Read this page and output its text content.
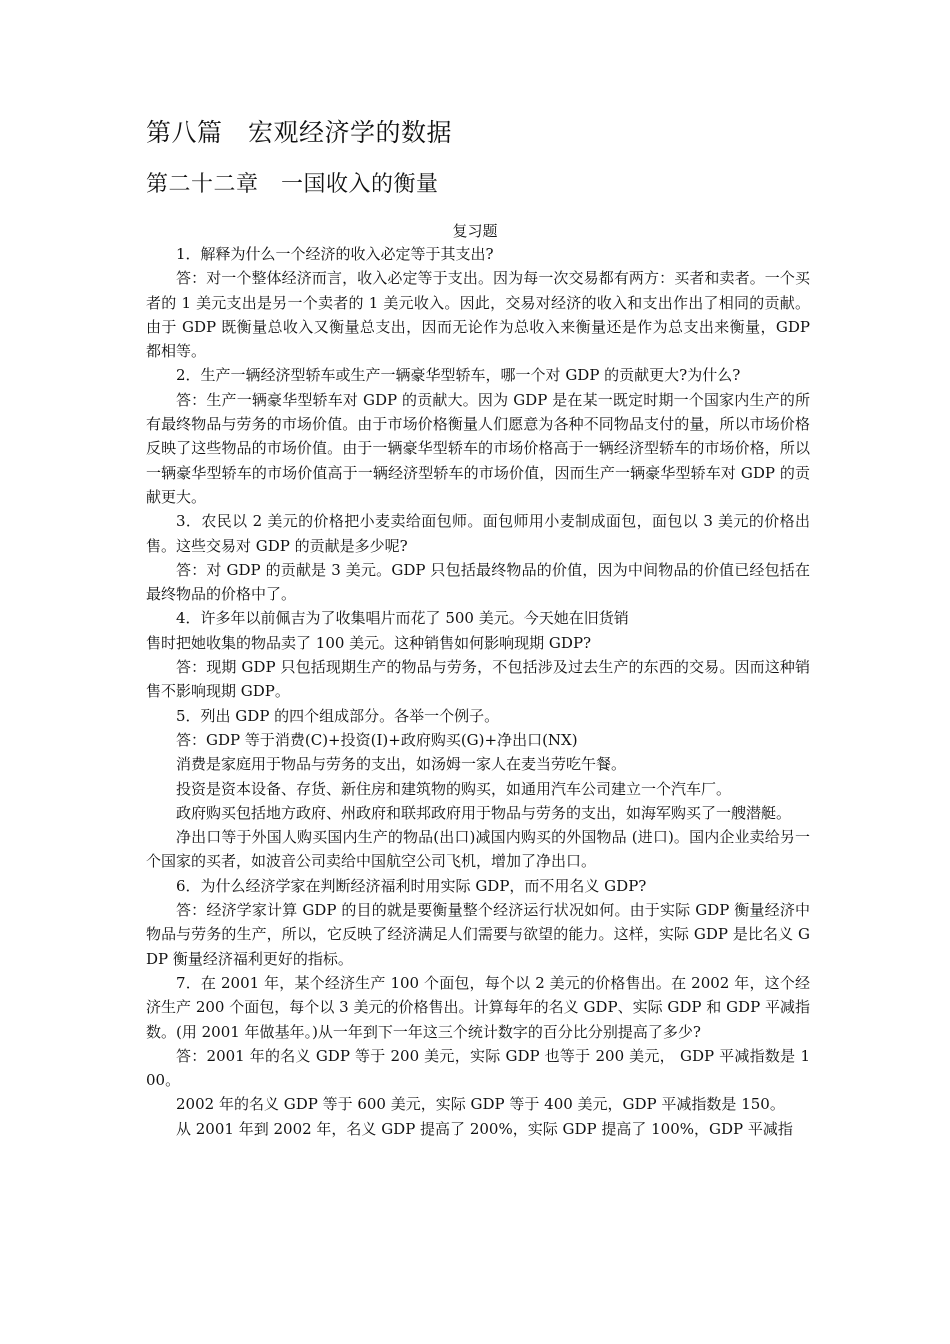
第八篇　宏观经济学的数据
第二十二章　一国收入的衡量
复习题

1．解释为什么一个经济的收入必定等于其支出?

答：对一个整体经济而言，收入必定等于支出。因为每一次交易都有两方：买者和卖者。一个买者的 1 美元支出是另一个卖者的 1 美元收入。因此，交易对经济的收入和支出作出了相同的贡献。由于 GDP 既衡量总收入又衡量总支出，因而无论作为总收入来衡量还是作为总支出来衡量，GDP 都相等。

2．生产一辆经济型轿车或生产一辆豪华型轿车，哪一个对 GDP 的贡献更大?为什么?

答：生产一辆豪华型轿车对 GDP 的贡献大。因为 GDP 是在某一既定时期一个国家内生产的所有最终物品与劳务的市场价值。由于市场价格衡量人们愿意为各种不同物品支付的量，所以市场价格反映了这些物品的市场价值。由于一辆豪华型轿车的市场价格高于一辆经济型轿车的市场价格，所以一辆豪华型轿车的市场价值高于一辆经济型轿车的市场价值，因而生产一辆豪华型轿车对 GDP 的贡献更大。

3．农民以 2 美元的价格把小麦卖给面包师。面包师用小麦制成面包，面包以 3 美元的价格出售。这些交易对 GDP 的贡献是多少呢?

答：对 GDP 的贡献是 3 美元。GDP 只包括最终物品的价值，因为中间物品的价值已经包括在最终物品的价格中了。

4．许多年以前佩吉为了收集唱片而花了 500 美元。今天她在旧货销

售时把她收集的物品卖了 100 美元。这种销售如何影响现期 GDP?

答：现期 GDP 只包括现期生产的物品与劳务，不包括涉及过去生产的东西的交易。因而这种销售不影响现期 GDP。

5．列出 GDP 的四个组成部分。各举一个例子。

答：GDP 等于消费(C)+投资(I)+政府购买(G)+净出口(NX)

消费是家庭用于物品与劳务的支出，如汤姆一家人在麦当劳吃午餐。

投资是资本设备、存货、新住房和建筑物的购买，如通用汽车公司建立一个汽车厂。

政府购买包括地方政府、州政府和联邦政府用于物品与劳务的支出，如海军购买了一艘潜艇。

净出口等于外国人购买国内生产的物品(出口)减国内购买的外国物品 (进口)。国内企业卖给另一个国家的买者，如波音公司卖给中国航空公司飞机，增加了净出口。

6．为什么经济学家在判断经济福利时用实际 GDP，而不用名义 GDP?

答：经济学家计算 GDP 的目的就是要衡量整个经济运行状况如何。由于实际 GDP 衡量经济中物品与劳务的生产，所以，它反映了经济满足人们需要与欲望的能力。这样，实际 GDP 是比名义 GDP 衡量经济福利更好的指标。

7．在 2001 年，某个经济生产 100 个面包，每个以 2 美元的价格售出。在 2002 年，这个经济生产 200 个面包，每个以 3 美元的价格售出。计算每年的名义 GDP、实际 GDP 和 GDP 平减指数。(用 2001 年做基年。)从一年到下一年这三个统计数字的百分比分别提高了多少?

答：2001 年的名义 GDP 等于 200 美元，实际 GDP 也等于 200 美元， GDP 平减指数是 100。

2002 年的名义 GDP 等于 600 美元，实际 GDP 等于 400 美元，GDP 平减指数是 150。

从 2001 年到 2002 年，名义 GDP 提高了 200%，实际 GDP 提高了 100%，GDP 平减指
